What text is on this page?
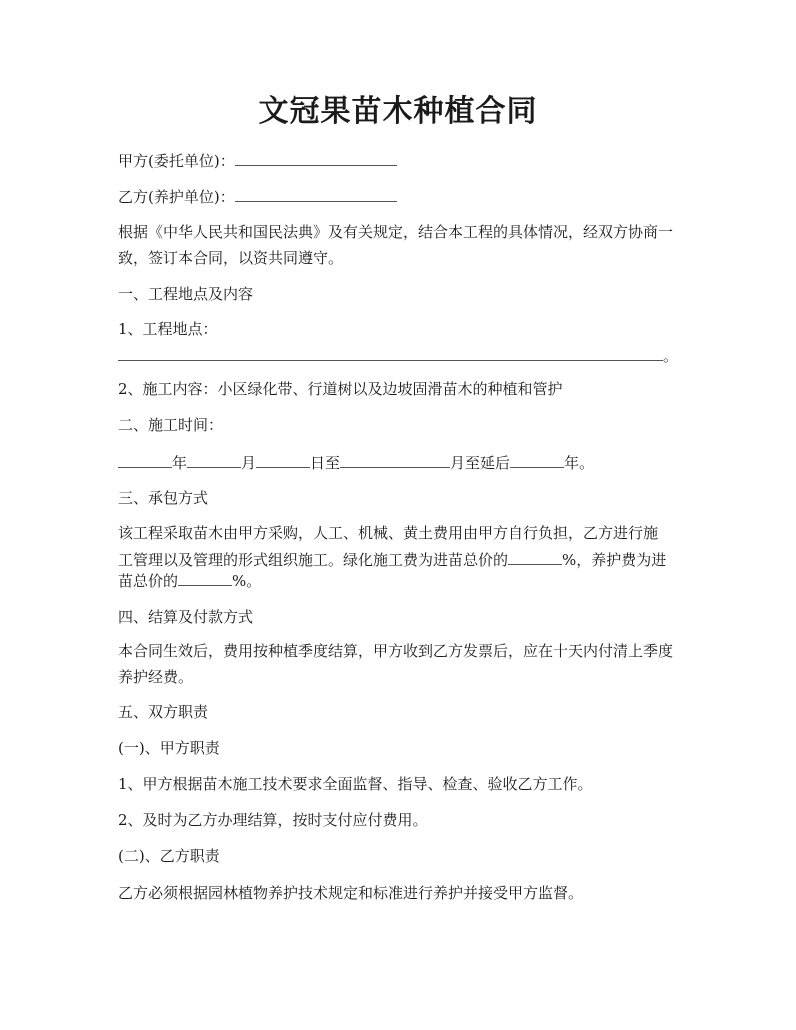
文冠果苗木种植合同
甲方(委托单位)：
乙方(养护单位)：

根据《中华人民共和国民法典》及有关规定，结合本工程的具体情况，经双方协商一致，签订本合同，以资共同遵守。

一、工程地点及内容
1、工程地点：
。
2、施工内容：小区绿化带、行道树以及边坡固滑苗木的种植和管护
二、施工时间：
年	月	日至	月至延后	年。
三、承包方式
该工程采取苗木由甲方采购，人工、机械、黄土费用由甲方自行负担，乙方进行施
工管理以及管理的形式组织施工。绿化施工费为进苗总价的	%，养护费为进
苗总价的	%。
四、结算及付款方式

本合同生效后，费用按种植季度结算，甲方收到乙方发票后，应在十天内付清上季度养护经费。

五、双方职责
(一)、甲方职责
1、甲方根据苗木施工技术要求全面监督、指导、检查、验收乙方工作。
2、及时为乙方办理结算，按时支付应付费用。
(二)、乙方职责
乙方必须根据园林植物养护技术规定和标准进行养护并接受甲方监督。
